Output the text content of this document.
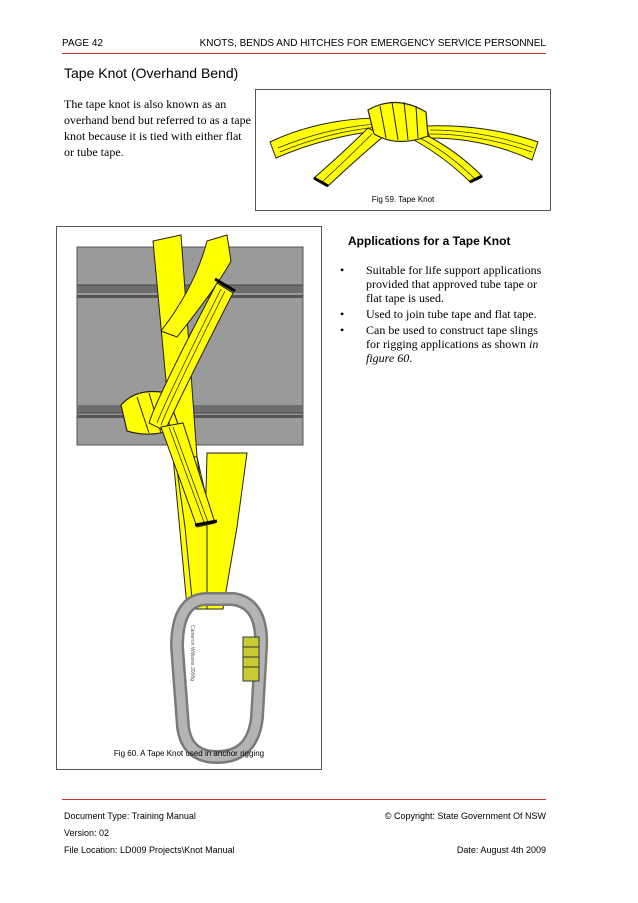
PAGE 42	KNOTS, BENDS AND HITCHES FOR EMERGENCY SERVICE PERSONNEL
Tape Knot (Overhand Bend)
The tape knot is also known as an overhand bend but referred to as a tape knot because it is tied with either flat or tube tape.
Fig 59. Tape Knot
Cameron Williams 2008g
Fig 60. A Tape Knot used in anchor rigging
Applications for a Tape Knot
• Suitable for life support applications provided that approved tube tape or flat tape is used.
• Used to join tube tape and flat tape.
• Can be used to construct tape slings for rigging applications as shown in figure 60.
Document Type: Training Manual
Version: 02
File Location: LD009 Projects\Knot Manual
© Copyright: State Government Of NSW
Date: August 4th 2009
